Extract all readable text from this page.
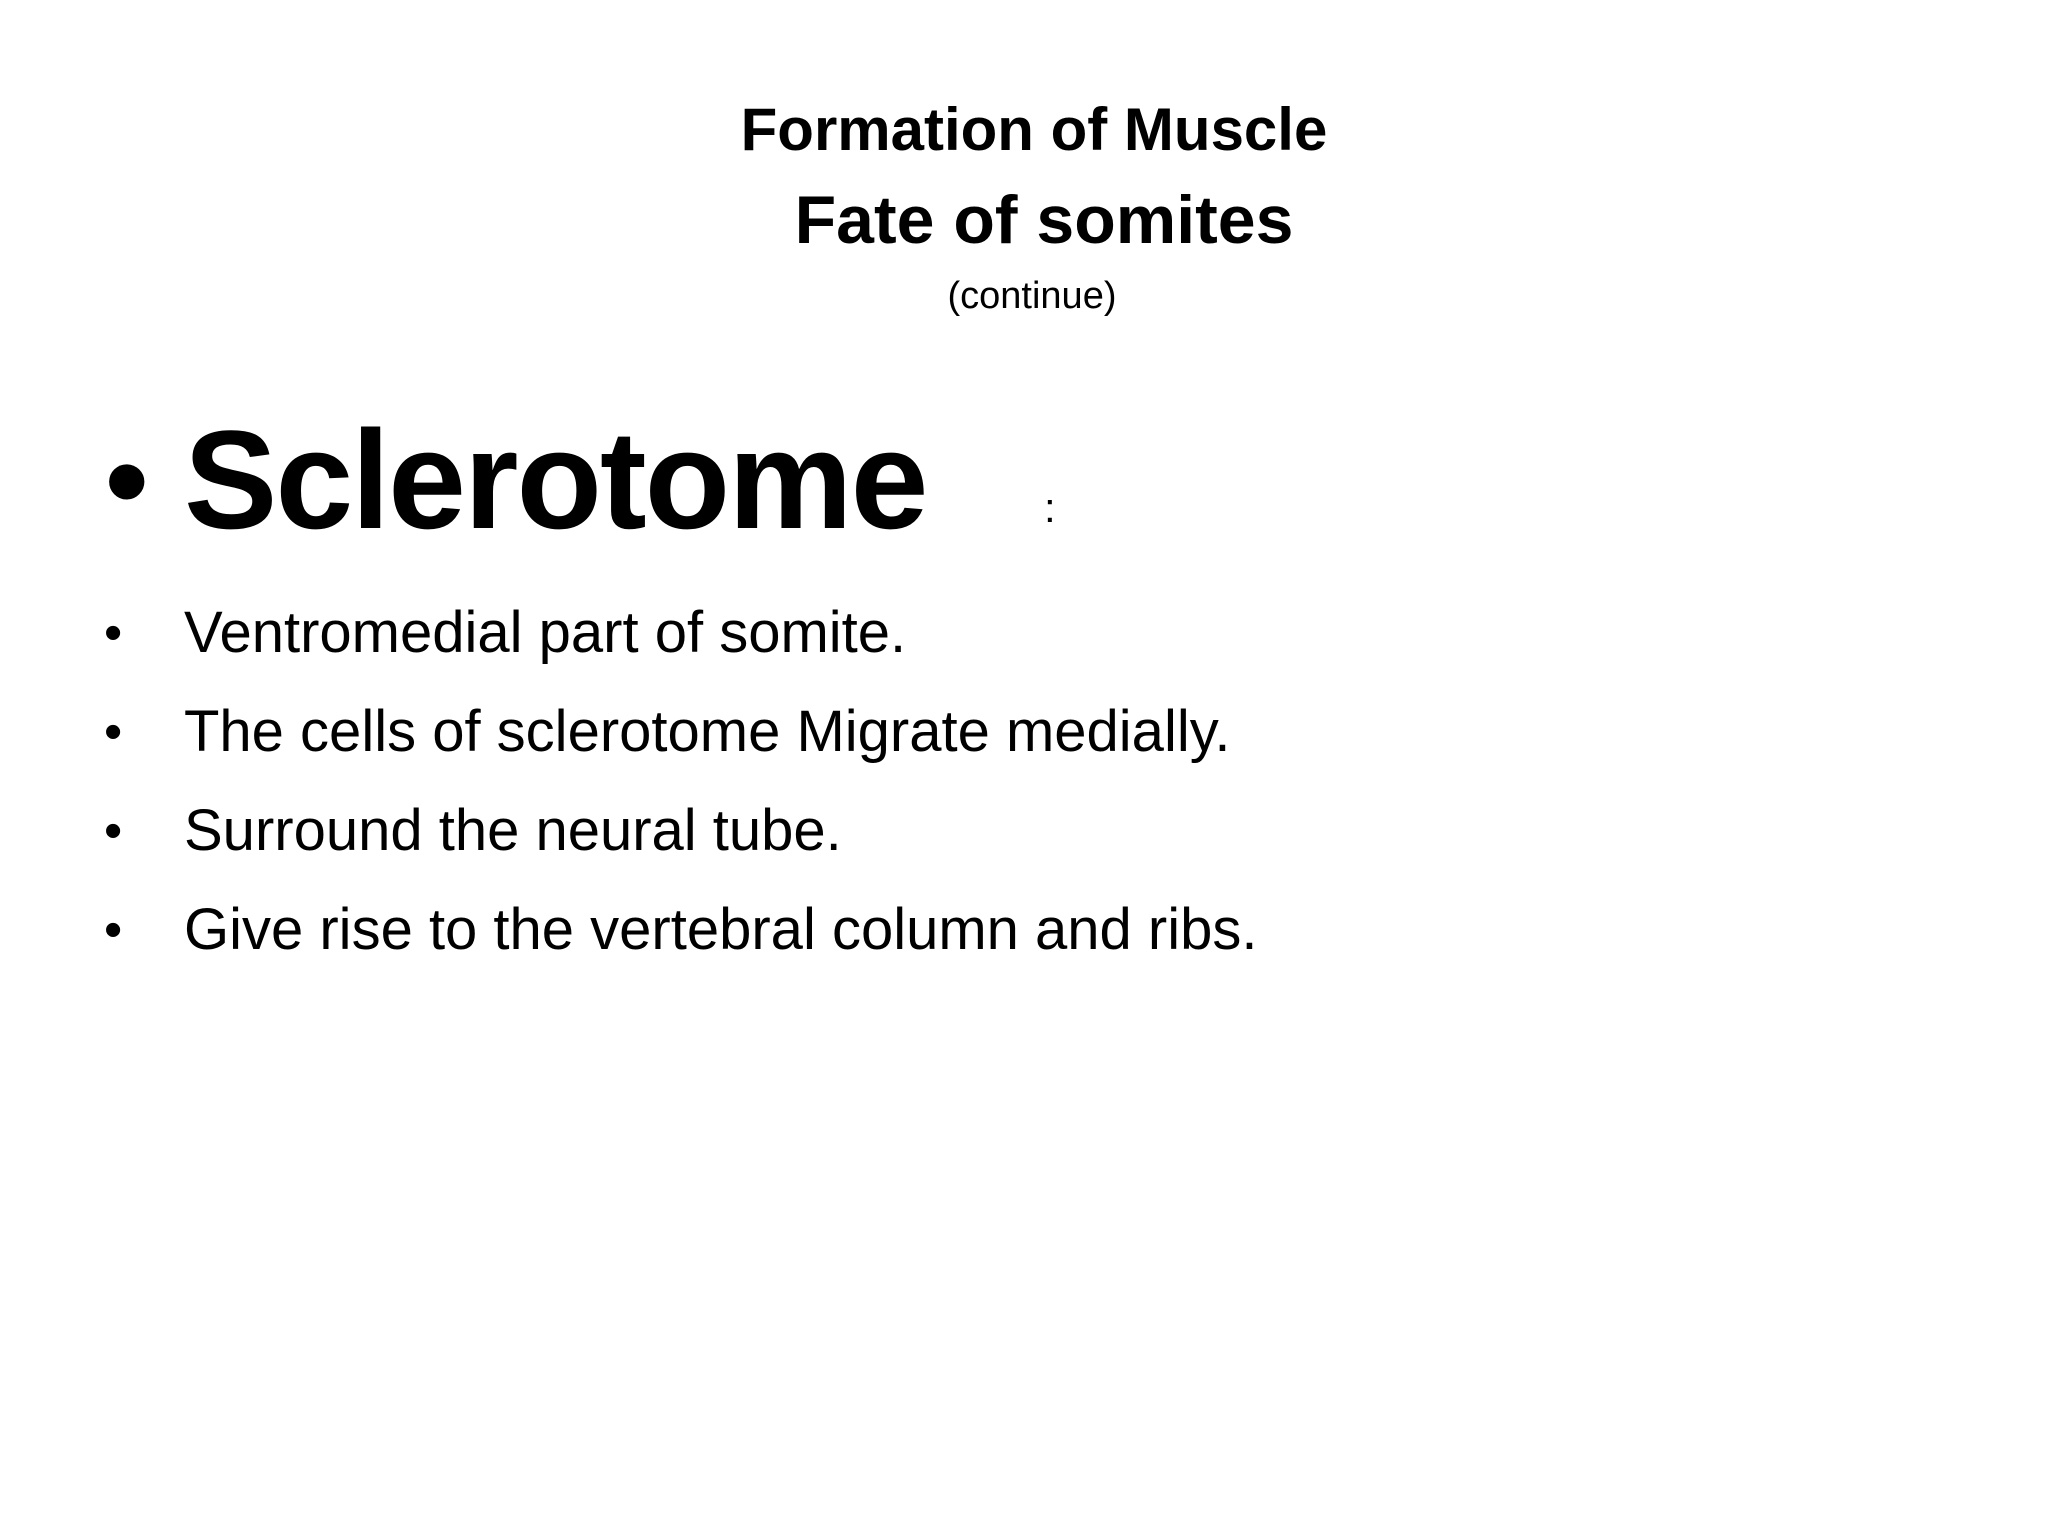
Formation of Muscle
Fate of somites
(continue)
• Sclerotome	:
• Ventromedial part of somite.
• The cells of sclerotome Migrate medially.
• Surround the neural tube.
• Give rise to the vertebral column and ribs.
